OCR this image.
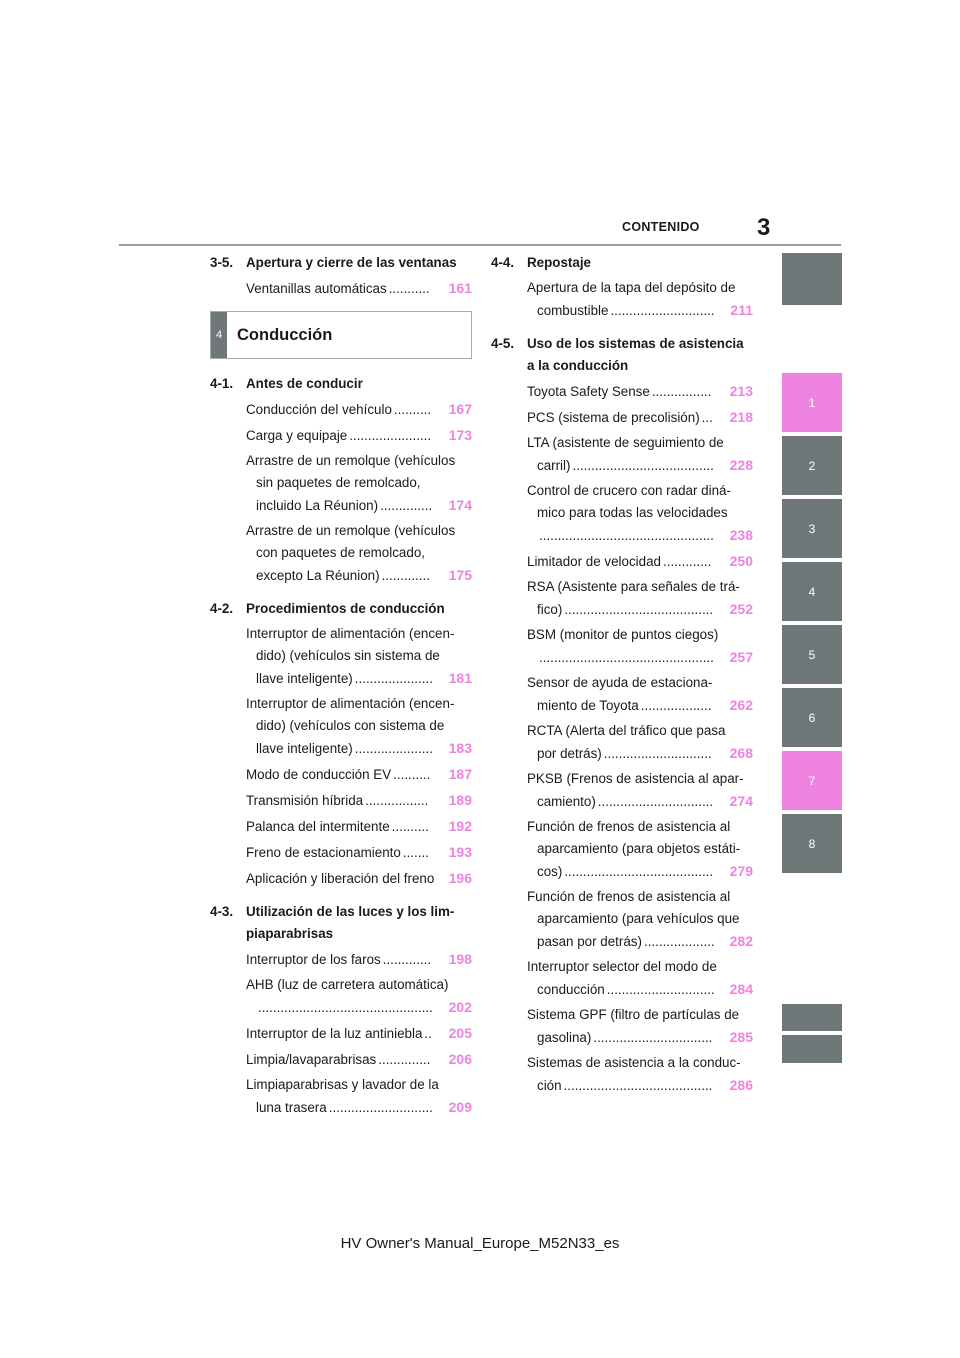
3
CONTENIDO
1
2
3
4
5
6
7
8
3-5. Apertura y cierre de las ventanas
Ventanillas automáticas ...........	161
4 Conducción
4-1. Antes de conducir
Conducción del vehículo ..........	167
Carga y equipaje ......................	173
Arrastre de un remolque (vehículos
sin paquetes de remolcado,
incluido La Réunion) ..............	174
Arrastre de un remolque (vehículos
con paquetes de remolcado,
excepto La Réunion) .............	175
4-2. Procedimientos de conducción
Interruptor de alimentación (encen-
dido) (vehículos sin sistema de
llave inteligente) .....................	181
Interruptor de alimentación (encen-
dido) (vehículos con sistema de
llave inteligente) .....................	183
Modo de conducción EV ..........	187
Transmisión híbrida .................	189
Palanca del intermitente ..........	192
Freno de estacionamiento .......	193
Aplicación y liberación del freno 196
4-3. Utilización de las luces y los lim- piaparabrisas
Interruptor de los faros .............	198
AHB (luz de carretera automática)
...............................................	202
Interruptor de la luz antiniebla ..	205
Limpia/lavaparabrisas ..............	206
Limpiaparabrisas y lavador de la
luna trasera ............................	209
4-4. Repostaje
Apertura de la tapa del depósito de
combustible ............................	211
4-5. Uso de los sistemas de asistencia a la conducción
Toyota Safety Sense ................	213
PCS (sistema de precolisión) ...	218
LTA (asistente de seguimiento de
carril) ......................................	228
Control de crucero con radar diná-
mico para todas las velocidades
...............................................	238
Limitador de velocidad .............	250
RSA (Asistente para señales de trá-
fico) ........................................	252
BSM (monitor de puntos ciegos)
...............................................	257
Sensor de ayuda de estaciona-
miento de Toyota ...................	262
RCTA (Alerta del tráfico que pasa
por detrás) .............................	268
PKSB (Frenos de asistencia al apar-
camiento) ...............................	274
Función de frenos de asistencia al
aparcamiento (para objetos estáti-
cos) ........................................	279
Función de frenos de asistencia al
aparcamiento (para vehículos que
pasan por detrás) ...................	282
Interruptor selector del modo de
conducción .............................	284
Sistema GPF (filtro de partículas de
gasolina) ................................	285
Sistemas de asistencia a la conduc-
ción ........................................	286
HV Owner's Manual_Europe_M52N33_es
